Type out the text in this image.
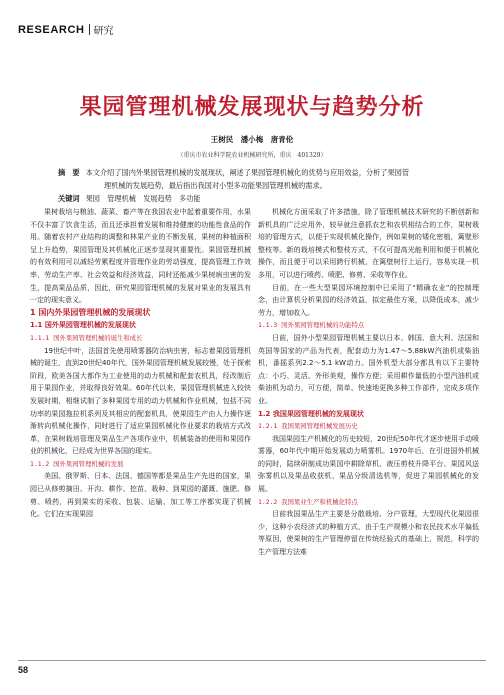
RESEARCH 研究
果园管理机械发展现状与趋势分析
王树民　潘小梅　唐青伦
（重庆市农业科学院农业机械研究所，重庆　401329）

摘　要 本文介绍了国内外果园管理机械的发展现状，阐述了果园管理机械化的优势与应用效益，分析了果园管

理机械的发展趋势，最后指出我国对小型多功能果园管理机械的需求。

关键词 果园　管理机械　发展趋势　多功能

果树栽培与粮油、蔬菜、畜产等在我国农业中起着重要作用，水果不仅丰富了饮食生活，而且还承担着发展和维持健康的功能性食品的作用。随着农村产业结构的调整和林果产业的不断发展，果树的种植面积呈上升趋势，果园管理及其机械化正逐步显现其重要性。果园管理机械的有效利用可以减轻劳累程度并管理作业的劳动强度，提高管理工作效率，劳动生产率、社会效益和经济效益，同时还能减少果树病虫害的发生，提高果品品质，因此，研究果园管理机械的发展对果业的发展具有一定的现实意义。

1 国内外果园管理机械的发展现状

1.1 国外果园管理机械的发展现状

1.1.1 国外果园管理机械的诞生和成长

19世纪中叶，法国首先使用喷雾器防治病虫害，标志着果园管理机械的诞生，直到20世纪40年代，国外果园管理机械发展较慢，处于探索阶段，欧美各国大都作为工业使用的动力机械和配套农机具，经改制后用于果园作业，并取得良好效果。60年代以来，果园管理机械进入较快发展时期，相继试制了多种果园专用的动力机械和作业机械，包括不同功率的果园拖拉机系列及其相应的配套机具，使果园生产由人力操作逐渐转向机械化操作，同时进行了适应果园机械化作业要求的栽培方式改革，在果树栽培管理及果品生产各项作业中，机械装备的使用和果园作业的机械化，已经成为世界各国的现实。

1.1.2 国外果园管理机械的发展

美国、俄罗斯、日本、法国、德国等都是果品生产先进的国家，果园已从修剪摘田、开沟、耕作、挖苗、栽种、到果园的灌溉、施肥、修剪、喷药，再到果实的采收、包装、运输、加工等工序都实现了机械化。它们在实现果园

机械化方面采取了许多措施，除了管理机械技术研究的不断创新和新机具的广泛应用外，较早就注意抓农艺和农机相结合的工作，果树栽培的管理方式，以便于实现机械化操作，例如果树的矮化密植，篱壁形整枝等。新的栽培模式和整枝方式，不仅可提高光能利用和便于机械化操作，而且便于可以采用跨行机械，在篱壁树行上运行，容易实现一机多用，可以进行喷药、喷肥、修剪、采收等作业。

目前，在一些大型果园环境控制中已采用了“精确农业”的控制理念，由计算机分析果园的经济效益，拟定最佳方案，以降低成本，减少劳力，增加收入。

1.1.3 国外果园管理机械的功能特点

日前，国外小型果园管理机械主要以日本、韩国、意大利、法国和英国等国家的产品为代表，配套动力为1.47～5.88kW汽油机或柴油机，番摇系列2.2～5.1 kW动力。国外机型大部分都具有以下主要特点：小巧、灵活、外形美观，操作方便；采用耕作量低的小型汽油机或柴油机为动力，可方便，简单、快速地更换多种工作部件，完成多项作业。

1.2 我国果园管理机械的发展现状

1.2.1 我国果园管理机械发展历史

我国果园生产机械化的历史较短，20世纪50年代才逐步使用手动喷雾器，60年代中期开始发展动力喷雾机。1970年后，在引进国外机械的同时，陆续研制成功果园中耕除草机、液压剪枝升降平台、果园风送弥雾机以及果品收获机、果品分级清选机等，促进了果园机械化的发展。

1.2.2 我国果业生产和机械化特点

目前我国果品生产主要是分散栽培、分户管理，大型现代化果园很少，这种小农经济式的种植方式，由于生产规模小和农民技术水平偏低等原因，使果树的生产管理停留在传统经验式的基础上，规范，科学的生产管理方法难

58
